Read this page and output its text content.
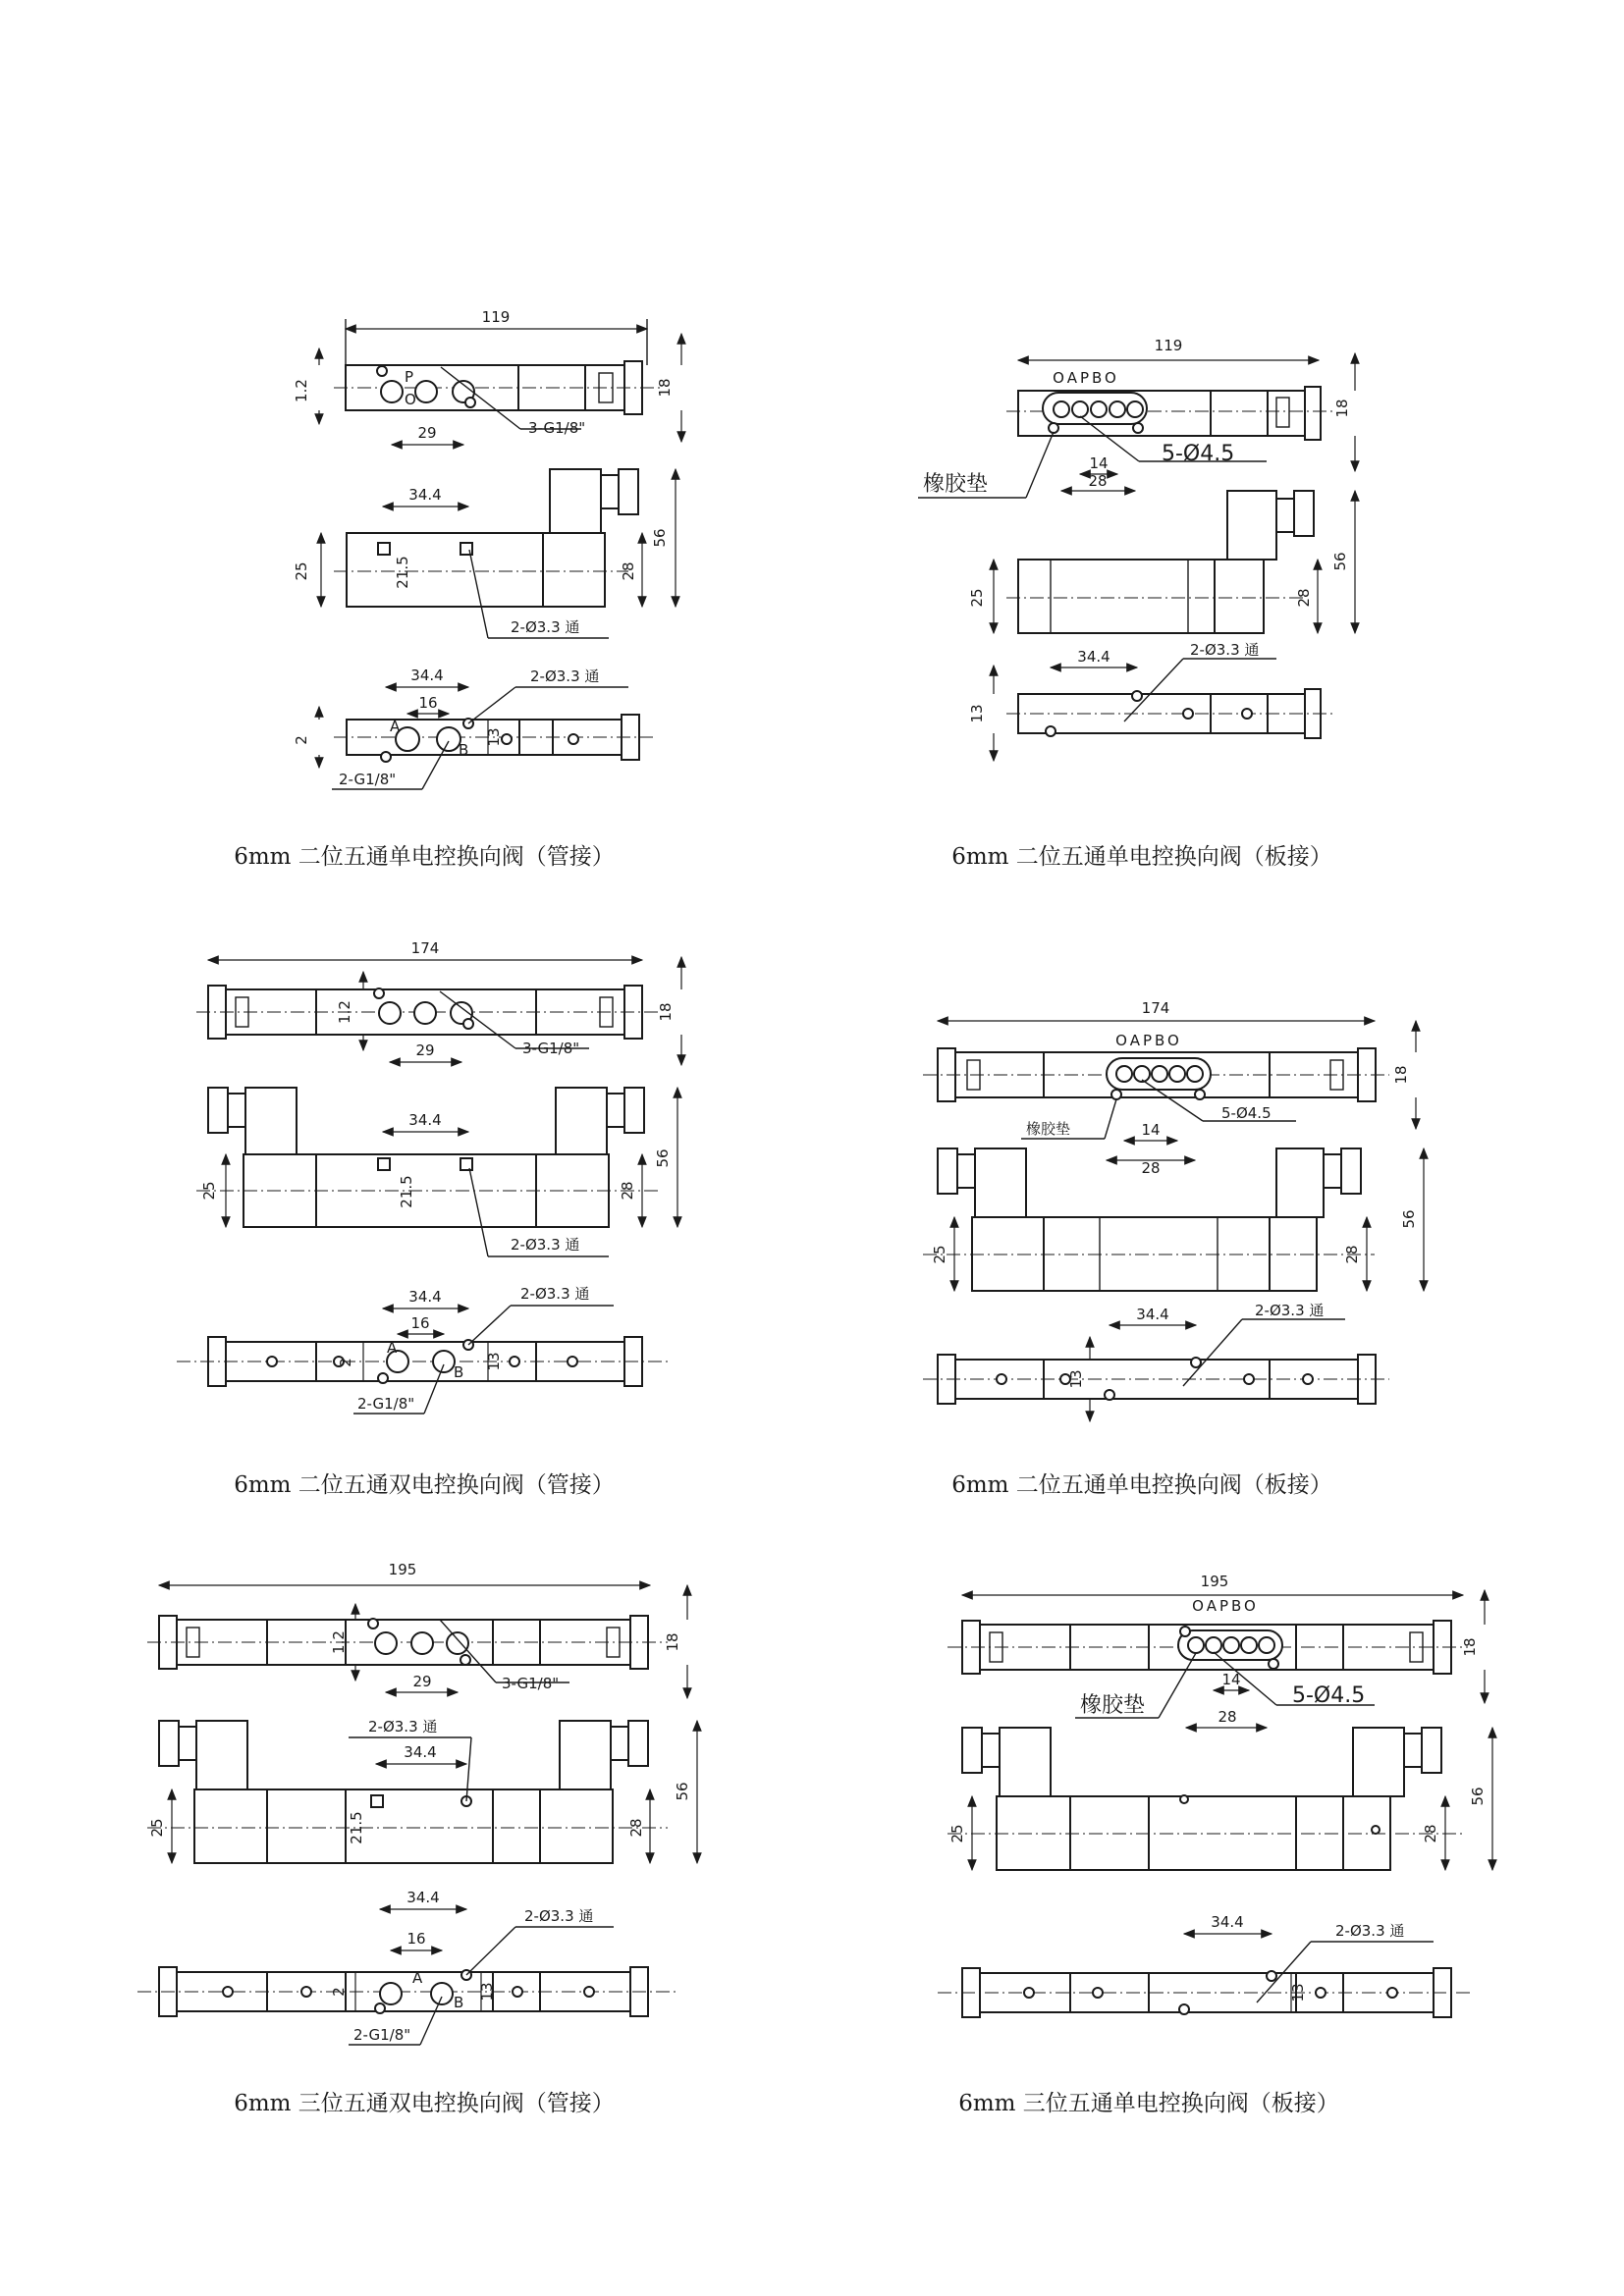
119
P
O
1.2	18
29	3-G1/8"
34.4
21.5
25	28
56
2-Ø3.3 通
A
B
34.4
16
2	13
2-Ø3.3 通
2-G1/8"
6mm 二位五通单电控换向阀（管接）
119
OAPBO
18
14
28
5-Ø4.5
橡胶垫
25	28
56
34.4
13
2-Ø3.3 通
6mm 二位五通单电控换向阀（板接）
174
1.2	18
29	3-G1/8"
34.4
21.5
25	28
56
2-Ø3.3 通
A
B
34.4
16
2	13
2-Ø3.3 通
2-G1/8"
6mm 二位五通双电控换向阀（管接）
174
OAPBO
18
14
28
5-Ø4.5
橡胶垫
25	28
56
34.4
13
2-Ø3.3 通
6mm 二位五通单电控换向阀（板接）
195
1.2	18
29	3-G1/8"
34.4
21.5
25	28
56
2-Ø3.3 通
A
B
34.4
16
2	13
2-Ø3.3 通
2-G1/8"
6mm 三位五通双电控换向阀（管接）
195
OAPBO
18
14
28
5-Ø4.5
橡胶垫
25	28
56
34.4
13
2-Ø3.3 通
6mm 三位五通单电控换向阀（板接）
